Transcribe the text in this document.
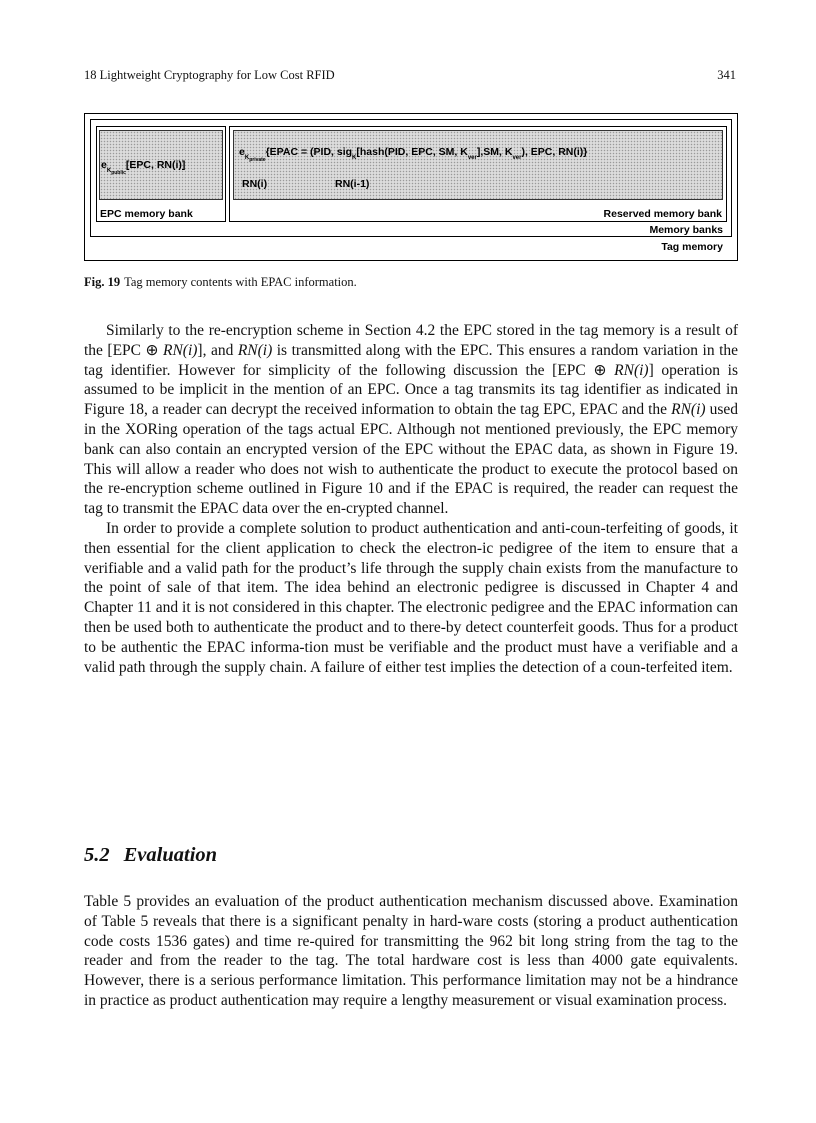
18 Lightweight Cryptography for Low Cost RFID	341
$e_{K_{public}}[EPC$, RN(i)]
EPC memory bank
$e_{K_{private}}\{EPAC = (PID$, sig$_K$[hash(PID, EPC, SM, $K_{ver}],SM$, $K_{ver}$), EPC, RN(i)}
RN(i)	RN(i-1)
Reserved memory bank
Memory banks
Tag memory
Fig. 19 Tag memory contents with EPAC information.

Similarly to the re-encryption scheme in Section 4.2 the EPC stored in the tag memory is a result of the [EPC ⊕ RN(i)], and RN(i) is transmitted along with the EPC. This ensures a random variation in the tag identifier. However for simplicity of the following discussion the [EPC ⊕ RN(i)] operation is assumed to be implicit in the mention of an EPC. Once a tag transmits its tag identifier as indicated in Figure 18, a reader can decrypt the received information to obtain the tag EPC, EPAC and the RN(i) used in the XORing operation of the tags actual EPC. Although not mentioned previously, the EPC memory bank can also contain an encrypted version of the EPC without the EPAC data, as shown in Figure 19. This will allow a reader who does not wish to authenticate the product to execute the protocol based on the re-encryption scheme outlined in Figure 10 and if the EPAC is required, the reader can request the tag to transmit the EPAC data over the en-crypted channel.

In order to provide a complete solution to product authentication and anti-coun-terfeiting of goods, it then essential for the client application to check the electron-ic pedigree of the item to ensure that a verifiable and a valid path for the product’s life through the supply chain exists from the manufacture to the point of sale of that item. The idea behind an electronic pedigree is discussed in Chapter 4 and Chapter 11 and it is not considered in this chapter. The electronic pedigree and the EPAC information can then be used both to authenticate the product and to there-by detect counterfeit goods. Thus for a product to be authentic the EPAC informa-tion must be verifiable and the product must have a verifiable and a valid path through the supply chain. A failure of either test implies the detection of a coun-terfeited item.

5.2 Evaluation

Table 5 provides an evaluation of the product authentication mechanism discussed above. Examination of Table 5 reveals that there is a significant penalty in hard-ware costs (storing a product authentication code costs 1536 gates) and time re-quired for transmitting the 962 bit long string from the tag to the reader and from the reader to the tag. The total hardware cost is less than 4000 gate equivalents. However, there is a serious performance limitation. This performance limitation may not be a hindrance in practice as product authentication may require a lengthy measurement or visual examination process.
